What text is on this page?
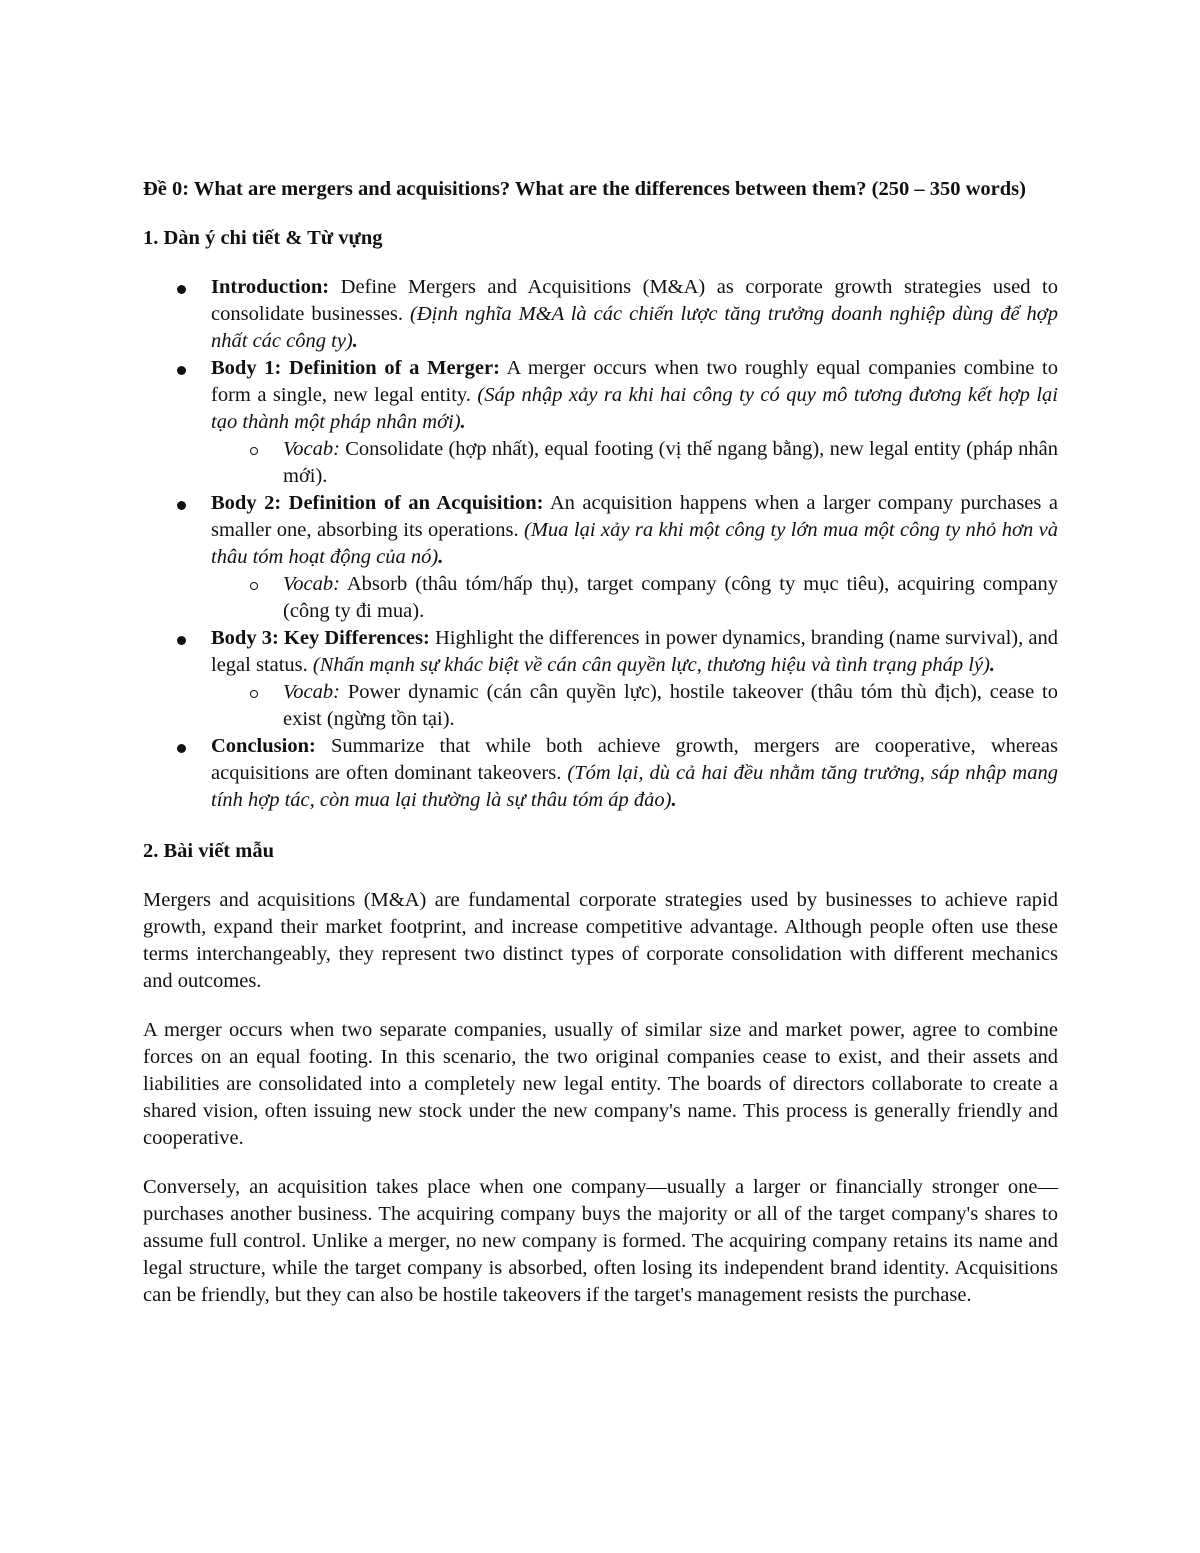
Đề 0: What are mergers and acquisitions? What are the differences between them? (250 – 350 words)
1. Dàn ý chi tiết & Từ vựng
Introduction: Define Mergers and Acquisitions (M&A) as corporate growth strategies used to consolidate businesses. (Định nghĩa M&A là các chiến lược tăng trưởng doanh nghiệp dùng để hợp nhất các công ty).
Body 1: Definition of a Merger: A merger occurs when two roughly equal companies combine to form a single, new legal entity. (Sáp nhập xảy ra khi hai công ty có quy mô tương đương kết hợp lại tạo thành một pháp nhân mới).
Vocab: Consolidate (hợp nhất), equal footing (vị thế ngang bằng), new legal entity (pháp nhân mới).
Body 2: Definition of an Acquisition: An acquisition happens when a larger company purchases a smaller one, absorbing its operations. (Mua lại xảy ra khi một công ty lớn mua một công ty nhỏ hơn và thâu tóm hoạt động của nó).
Vocab: Absorb (thâu tóm/hấp thụ), target company (công ty mục tiêu), acquiring company (công ty đi mua).
Body 3: Key Differences: Highlight the differences in power dynamics, branding (name survival), and legal status. (Nhấn mạnh sự khác biệt về cán cân quyền lực, thương hiệu và tình trạng pháp lý).
Vocab: Power dynamic (cán cân quyền lực), hostile takeover (thâu tóm thù địch), cease to exist (ngừng tồn tại).
Conclusion: Summarize that while both achieve growth, mergers are cooperative, whereas acquisitions are often dominant takeovers. (Tóm lại, dù cả hai đều nhằm tăng trưởng, sáp nhập mang tính hợp tác, còn mua lại thường là sự thâu tóm áp đảo).
2. Bài viết mẫu

Mergers and acquisitions (M&A) are fundamental corporate strategies used by businesses to achieve rapid growth, expand their market footprint, and increase competitive advantage. Although people often use these terms interchangeably, they represent two distinct types of corporate consolidation with different mechanics and outcomes.

A merger occurs when two separate companies, usually of similar size and market power, agree to combine forces on an equal footing. In this scenario, the two original companies cease to exist, and their assets and liabilities are consolidated into a completely new legal entity. The boards of directors collaborate to create a shared vision, often issuing new stock under the new company's name. This process is generally friendly and cooperative.

Conversely, an acquisition takes place when one company—usually a larger or financially stronger one—purchases another business. The acquiring company buys the majority or all of the target company's shares to assume full control. Unlike a merger, no new company is formed. The acquiring company retains its name and legal structure, while the target company is absorbed, often losing its independent brand identity. Acquisitions can be friendly, but they can also be hostile takeovers if the target's management resists the purchase.
